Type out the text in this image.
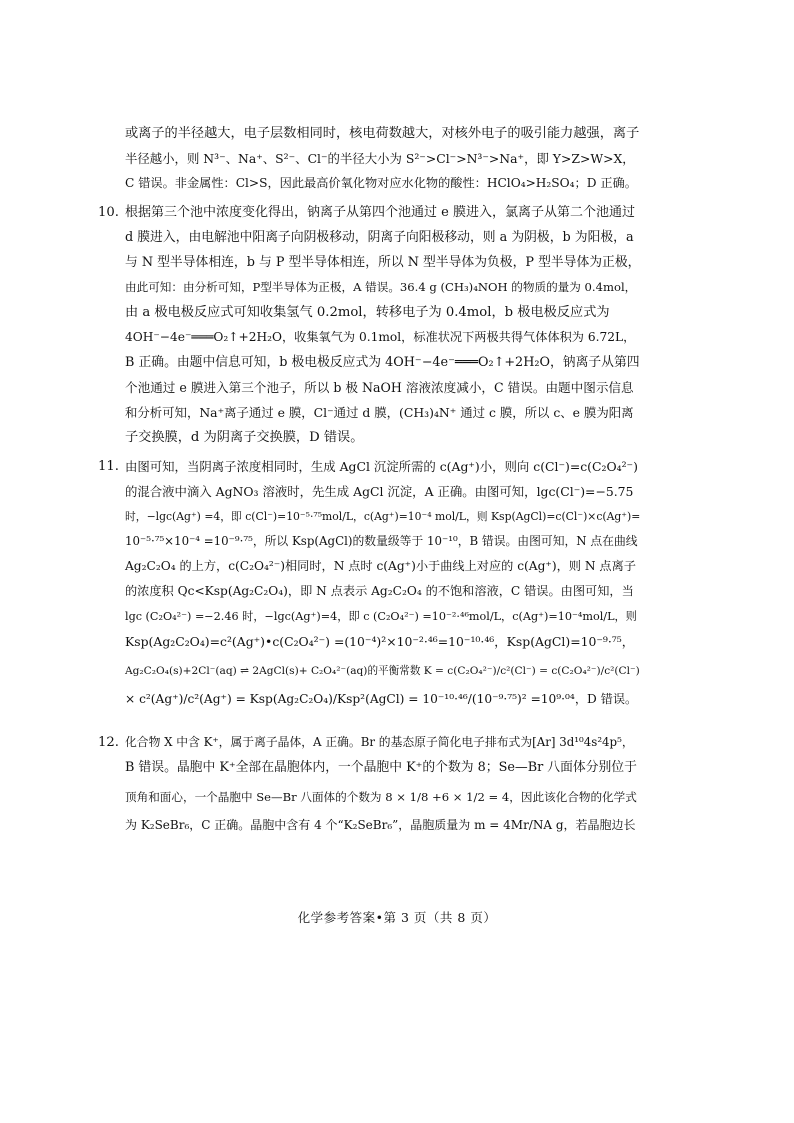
或离子的半径越大，电子层数相同时，核电荷数越大，对核外电子的吸引能力越强，离子
半径越小，则 N³⁻、Na⁺、S²⁻、Cl⁻的半径大小为 S²⁻>Cl⁻>N³⁻>Na⁺，即 Y>Z>W>X，
C 错误。非金属性：Cl>S，因此最高价氧化物对应水化物的酸性：HClO₄>H₂SO₄；D 正确。
10. 根据第三个池中浓度变化得出，钠离子从第四个池通过 e 膜进入，氯离子从第二个池通过
d 膜进入，由电解池中阳离子向阴极移动，阴离子向阳极移动，则 a 为阴极，b 为阳极，a
与 N 型半导体相连，b 与 P 型半导体相连，所以 N 型半导体为负极，P 型半导体为正极，
由此可知：由分析可知，P型半导体为正极，A 错误。36.4 g (CH₃)₄NOH 的物质的量为 0.4mol，
由 a 极电极反应式可知收集氢气 0.2mol，转移电子为 0.4mol，b 极电极反应式为
4OH⁻−4e⁻═══O₂↑+2H₂O，收集氧气为 0.1mol，标准状况下两极共得气体体积为 6.72L，
B 正确。由题中信息可知，b 极电极反应式为 4OH⁻−4e⁻═══O₂↑+2H₂O，钠离子从第四
个池通过 e 膜进入第三个池子，所以 b 极 NaOH 溶液浓度减小，C 错误。由题中图示信息
和分析可知，Na⁺离子通过 e 膜，Cl⁻通过 d 膜，(CH₃)₄N⁺ 通过 c 膜，所以 c、e 膜为阳离
子交换膜，d 为阴离子交换膜，D 错误。
11. 由图可知，当阴离子浓度相同时，生成 AgCl 沉淀所需的 c(Ag⁺)小，则向 c(Cl⁻)=c(C₂O₄²⁻)
的混合液中滴入 AgNO₃ 溶液时，先生成 AgCl 沉淀，A 正确。由图可知，lgc(Cl⁻)=−5.75
时，−lgc(Ag⁺) =4，即 c(Cl⁻)=10⁻⁵·⁷⁵mol/L，c(Ag⁺)=10⁻⁴ mol/L，则 Ksp(AgCl)=c(Cl⁻)×c(Ag⁺)=
10⁻⁵·⁷⁵×10⁻⁴ =10⁻⁹·⁷⁵，所以 Ksp(AgCl)的数量级等于 10⁻¹⁰，B 错误。由图可知，N 点在曲线
Ag₂C₂O₄ 的上方，c(C₂O₄²⁻)相同时，N 点时 c(Ag⁺)小于曲线上对应的 c(Ag⁺)，则 N 点离子
的浓度积 Qc<Ksp(Ag₂C₂O₄)，即 N 点表示 Ag₂C₂O₄ 的不饱和溶液，C 错误。由图可知，当
lgc (C₂O₄²⁻) =−2.46 时，−lgc(Ag⁺)=4，即 c (C₂O₄²⁻) =10⁻²·⁴⁶mol/L，c(Ag⁺)=10⁻⁴mol/L，则
Ksp(Ag₂C₂O₄)=c²(Ag⁺)•c(C₂O₄²⁻) =(10⁻⁴)²×10⁻²·⁴⁶=10⁻¹⁰·⁴⁶，Ksp(AgCl)=10⁻⁹·⁷⁵，
Ag₂C₂O₄(s)+2Cl⁻(aq) ⇌ 2AgCl(s)+ C₂O₄²⁻(aq)的平衡常数 K = c(C₂O₄²⁻)/c²(Cl⁻) = c(C₂O₄²⁻)/c²(Cl⁻)
× c²(Ag⁺)/c²(Ag⁺) = Ksp(Ag₂C₂O₄)/Ksp²(AgCl) = 10⁻¹⁰·⁴⁶/(10⁻⁹·⁷⁵)² =10⁹·⁰⁴，D 错误。
12. 化合物 X 中含 K⁺，属于离子晶体，A 正确。Br 的基态原子简化电子排布式为[Ar] 3d¹⁰4s²4p⁵，
B 错误。晶胞中 K⁺全部在晶胞体内，一个晶胞中 K⁺的个数为 8；Se—Br 八面体分别位于
顶角和面心，一个晶胞中 Se—Br 八面体的个数为 8 × 1/8 +6 × 1/2 = 4，因此该化合物的化学式
为 K₂SeBr₆，C 正确。晶胞中含有 4 个“K₂SeBr₆”，晶胞质量为 m = 4Mr/NA g，若晶胞边长
化学参考答案•第 3 页（共 8 页）
